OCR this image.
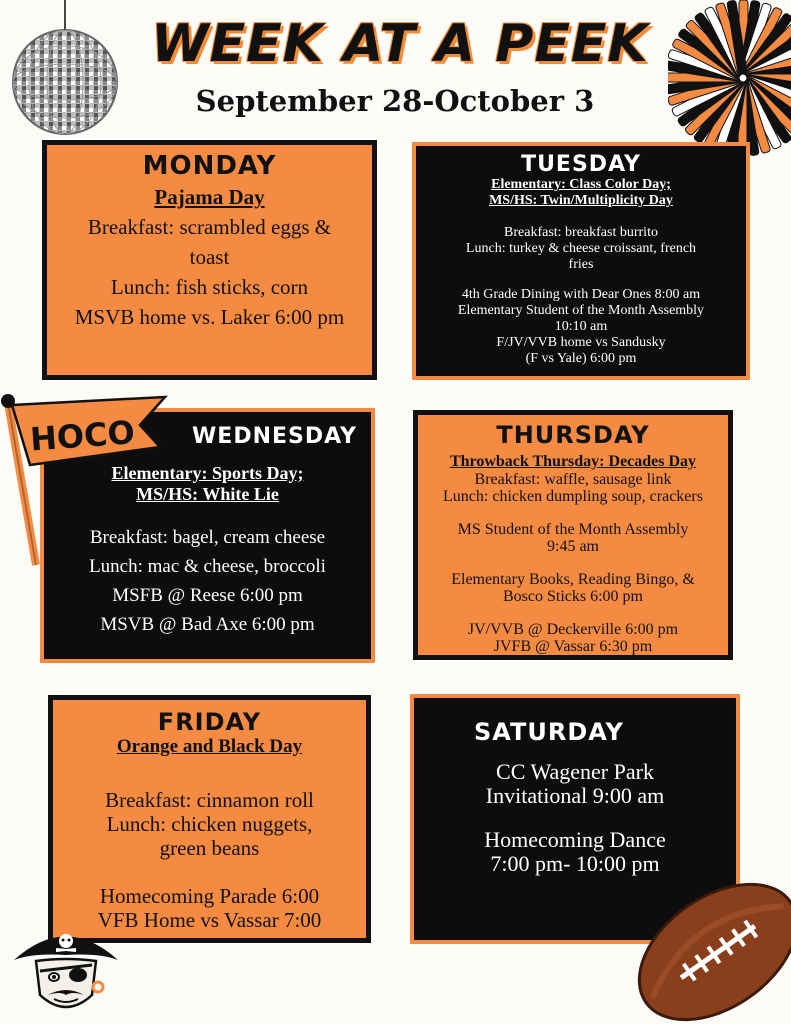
WEEK AT A PEEK
September 28-October 3
MONDAY
Pajama Day

Breakfast: scrambled eggs &

toast

Lunch: fish sticks, corn

MSVB home vs. Laker 6:00 pm

TUESDAY
Elementary: Class Color Day;
MS/HS: Twin/Multiplicity Day

Breakfast: breakfast burrito

Lunch: turkey & cheese croissant, french

fries

4th Grade Dining with Dear Ones 8:00 am

Elementary Student of the Month Assembly

10:10 am

F/JV/VVB home vs Sandusky

(F vs Yale) 6:00 pm

WEDNESDAY
Elementary: Sports Day;
MS/HS: White Lie

Breakfast: bagel, cream cheese

Lunch: mac & cheese, broccoli

MSFB @ Reese 6:00 pm

MSVB @ Bad Axe 6:00 pm

HOCO	THURSDAY
Throwback Thursday: Decades Day

Breakfast: waffle, sausage link

Lunch: chicken dumpling soup, crackers

MS Student of the Month Assembly

9:45 am

Elementary Books, Reading Bingo, &

Bosco Sticks 6:00 pm

JV/VVB @ Deckerville 6:00 pm

JVFB @ Vassar 6:30 pm

FRIDAY
Orange and Black Day

Breakfast: cinnamon roll

Lunch: chicken nuggets,

green beans

Homecoming Parade 6:00

VFB Home vs Vassar 7:00

SATURDAY

CC Wagener Park

Invitational 9:00 am

Homecoming Dance

7:00 pm- 10:00 pm
